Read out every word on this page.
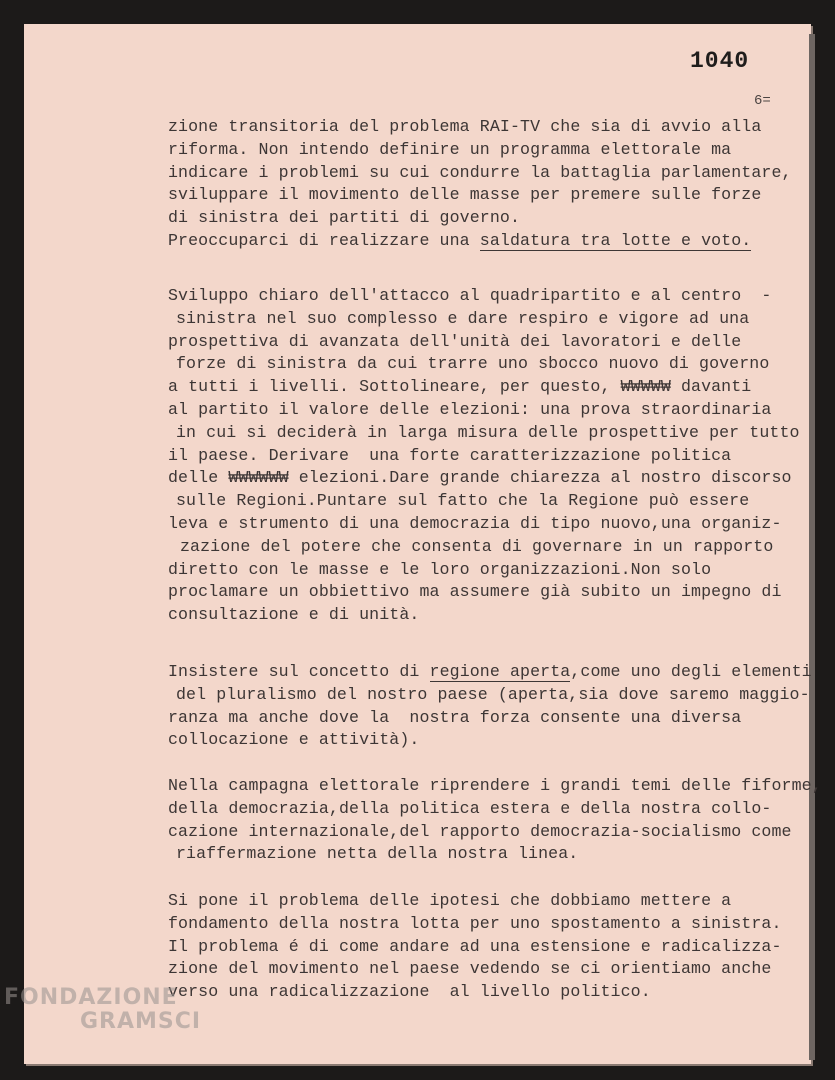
1040
6=
zione transitoria del problema RAI-TV che sia di avvio alla
riforma. Non intendo definire un programma elettorale ma
indicare i problemi su cui condurre la battaglia parlamentare,
sviluppare il movimento delle masse per premere sulle forze
di sinistra dei partiti di governo.
Preoccuparci di realizzare una saldatura tra lotte e voto.
Sviluppo chiaro dell'attacco al quadripartito e al centro  -
sinistra nel suo complesso e dare respiro e vigore ad una
prospettiva di avanzata dell'unità dei lavoratori e delle
forze di sinistra da cui trarre uno sbocco nuovo di governo
a tutti i livelli. Sottolineare, per questo, ₩₩₩₩₩ davanti
al partito il valore delle elezioni: una prova straordinaria
in cui si deciderà in larga misura delle prospettive per tutto
il paese. Derivare  una forte caratterizzazione politica
delle ₩₩₩₩₩₩ elezioni.Dare grande chiarezza al nostro discorso
sulle Regioni.Puntare sul fatto che la Regione può essere
leva e strumento di una democrazia di tipo nuovo,una organiz-
zazione del potere che consenta di governare in un rapporto
diretto con le masse e le loro organizzazioni.Non solo
proclamare un obbiettivo ma assumere già subito un impegno di
consultazione e di unità.
Insistere sul concetto di regione aperta,come uno degli elementi
del pluralismo del nostro paese (aperta,sia dove saremo maggio-
ranza ma anche dove la  nostra forza consente una diversa
collocazione e attività).
Nella campagna elettorale riprendere i grandi temi delle fiforme,
della democrazia,della politica estera e della nostra collo-
cazione internazionale,del rapporto democrazia-socialismo come
riaffermazione netta della nostra linea.
Si pone il problema delle ipotesi che dobbiamo mettere a
fondamento della nostra lotta per uno spostamento a sinistra.
Il problema é di come andare ad una estensione e radicalizza-
zione del movimento nel paese vedendo se ci orientiamo anche
verso una radicalizzazione  al livello politico.
FONDAZIONE
GRAMSCI
